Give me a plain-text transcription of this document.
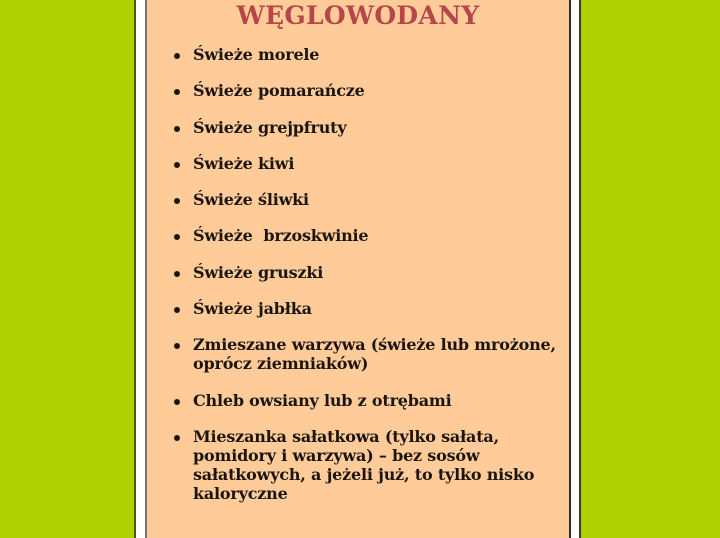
WĘGLOWODANY
Świeże morele
Świeże pomarańcze
Świeże grejpfruty
Świeże kiwi
Świeże śliwki
Świeże  brzoskwinie
Świeże gruszki
Świeże jabłka
Zmieszane warzywa (świeże lub mrożone, oprócz ziemniaków)
Chleb owsiany lub z otrębami
Mieszanka sałatkowa (tylko sałata, pomidory i warzywa) – bez sosów sałatkowych, a jeżeli już, to tylko nisko kaloryczne
